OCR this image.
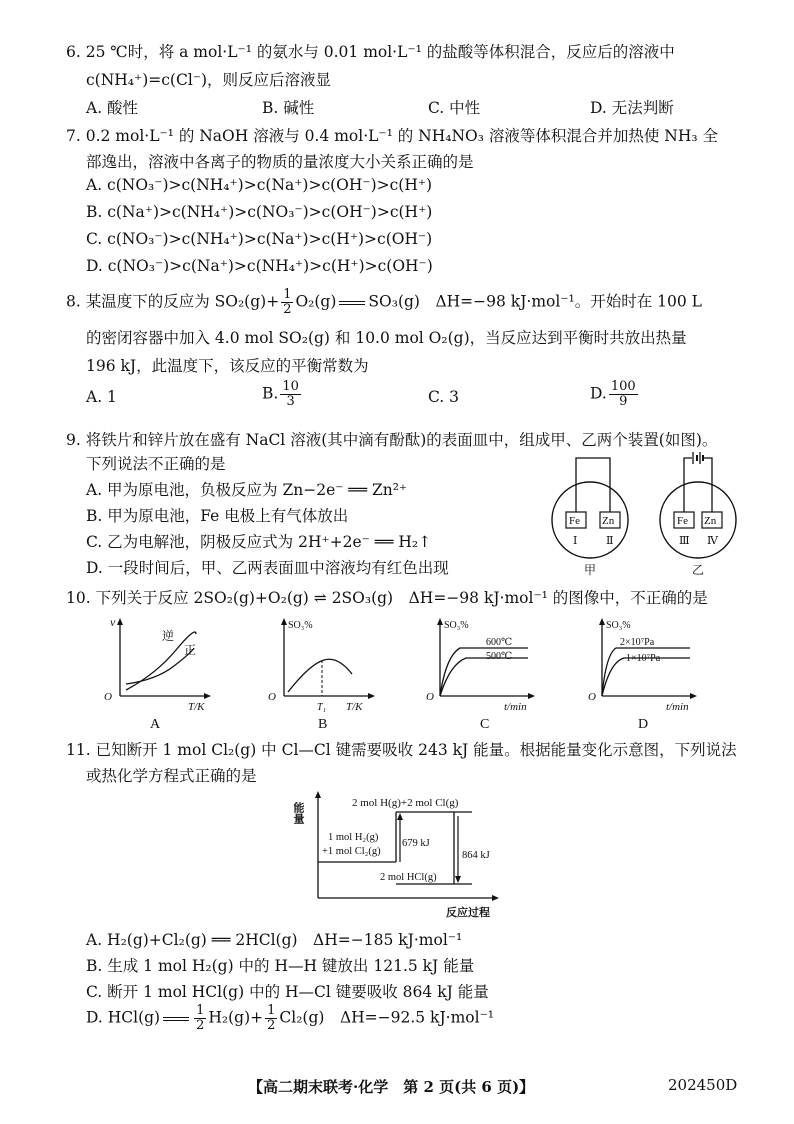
6. 25 ℃时，将 a mol·L⁻¹ 的氨水与 0.01 mol·L⁻¹ 的盐酸等体积混合，反应后的溶液中
c(NH₄⁺)=c(Cl⁻)，则反应后溶液显
A. 酸性	B. 碱性	C. 中性	D. 无法判断
7. 0.2 mol·L⁻¹ 的 NaOH 溶液与 0.4 mol·L⁻¹ 的 NH₄NO₃ 溶液等体积混合并加热使 NH₃ 全
部逸出，溶液中各离子的物质的量浓度大小关系正确的是
A. c(NO₃⁻)>c(NH₄⁺)>c(Na⁺)>c(OH⁻)>c(H⁺)
B. c(Na⁺)>c(NH₄⁺)>c(NO₃⁻)>c(OH⁻)>c(H⁺)
C. c(NO₃⁻)>c(NH₄⁺)>c(Na⁺)>c(H⁺)>c(OH⁻)
D. c(NO₃⁻)>c(Na⁺)>c(NH₄⁺)>c(H⁺)>c(OH⁻)
8. 某温度下的反应为 $SO_2(g)+ \frac{1}{2} O_2(g)$ SO₃(g)　ΔH=−98 kJ·mol⁻¹。开始时在 100 L
的密闭容器中加入 4.0 mol SO₂(g) 和 10.0 mol O₂(g)，当反应达到平衡时共放出热量
196 kJ，此温度下，该反应的平衡常数为
A. 1	B. $\frac{10}{3}$	C. 3	D. $\frac{100}{9}$
9. 将铁片和锌片放在盛有 NaCl 溶液(其中滴有酚酞)的表面皿中，组成甲、乙两个装置(如图)。
下列说法不正确的是
A. 甲为原电池，负极反应为 Zn−2e⁻ ══ Zn²⁺
B. 甲为原电池，Fe 电极上有气体放出
C. 乙为电解池，阴极反应式为 2H⁺+2e⁻ ══ H₂↑
D. 一段时间后，甲、乙两表面皿中溶液均有红色出现
Fe Zn
Ⅰ	Ⅱ
甲
Fe Zn
Ⅲ Ⅳ
乙
10. 下列关于反应 2SO₂(g)+O₂(g) ⇌ 2SO₃(g)　ΔH=−98 kJ·mol⁻¹ 的图像中，不正确的是
v
T/K
O
逆
正
A
SO₃%
T/K
O
T₁
B
SO₃%
t/min
O
600℃
500℃
C
SO₃%
t/min
O
2×10⁷Pa
1×10⁷Pa
D
11. 已知断开 1 mol Cl₂(g) 中 Cl—Cl 键需要吸收 243 kJ 能量。根据能量变化示意图，下列说法
或热化学方程式正确的是
能量
反应过程
2 mol H(g)+2 mol Cl(g)
1 mol H₂(g)
+1 mol Cl₂(g)
679 kJ
864 kJ
2 mol HCl(g)
A. H₂(g)+Cl₂(g) ══ 2HCl(g)　ΔH=−185 kJ·mol⁻¹
B. 生成 1 mol H₂(g) 中的 H—H 键放出 121.5 kJ 能量
C. 断开 1 mol HCl(g) 中的 H—Cl 键要吸收 864 kJ 能量
D. HCl(g)	$\frac{1}{2} H_2(g)+ \frac{1}{2} Cl_2(g)$　ΔH=−92.5 kJ·mol⁻¹
【高二期末联考·化学　第 2 页(共 6 页)】	202450D
